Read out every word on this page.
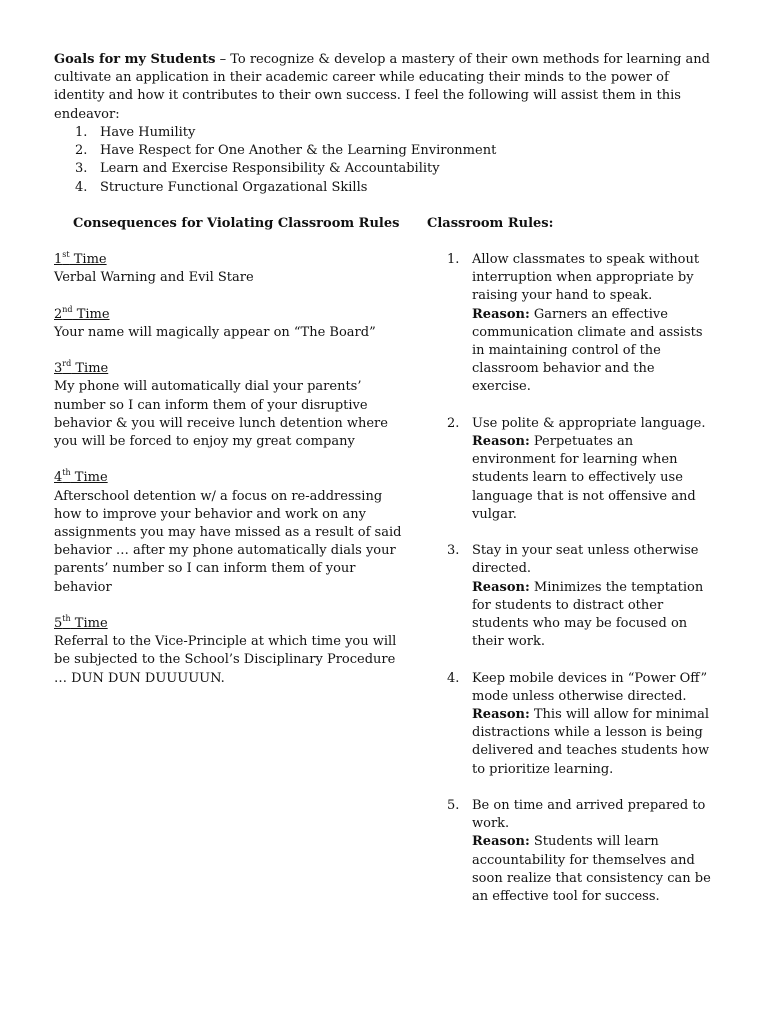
Goals for my Students – To recognize & develop a mastery of their own methods for learning and cultivate an application in their academic career while educating their minds to the power of identity and how it contributes to their own success. I feel the following will assist them in this endeavor:

1. Have Humility
2. Have Respect for One Another & the Learning Environment
3. Learn and Exercise Responsibility & Accountability
4. Structure Functional Orgazational Skills
Consequences for Violating Classroom Rules Classroom Rules:
1st Time
Verbal Warning and Evil Stare
2nd Time
Your name will magically appear on “The Board”
3rd Time
My phone will automatically dial your parents’ number so I can inform them of your disruptive behavior & you will receive lunch detention where you will be forced to enjoy my great company
4th Time
Afterschool detention w/ a focus on re-addressing how to improve your behavior and work on any assignments you may have missed as a result of said behavior … after my phone automatically dials your parents’ number so I can inform them of your behavior
5th Time
Referral to the Vice-Principle at which time you will be subjected to the School’s Disciplinary Procedure … DUN DUN DUUUUUN.
1. Allow classmates to speak without interruption when appropriate by raising your hand to speak.
Reason: Garners an effective communication climate and assists in maintaining control of the classroom behavior and the exercise.
2. Use polite & appropriate language.
Reason: Perpetuates an environment for learning when students learn to effectively use language that is not offensive and vulgar.
3. Stay in your seat unless otherwise directed.
Reason: Minimizes the temptation for students to distract other students who may be focused on their work.
4. Keep mobile devices in “Power Off” mode unless otherwise directed.
Reason: This will allow for minimal distractions while a lesson is being delivered and teaches students how to prioritize learning.
5. Be on time and arrived prepared to work.
Reason: Students will learn accountability for themselves and soon realize that consistency can be an effective tool for success.
